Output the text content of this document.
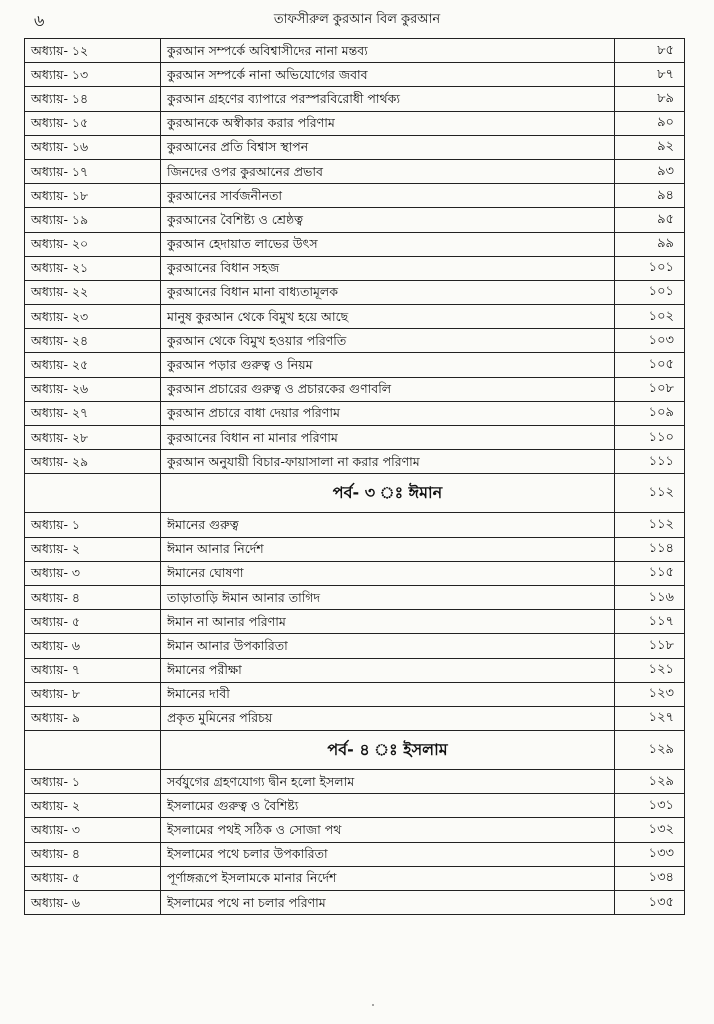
৬	তাফসীরুল কুরআন বিল কুরআন
অধ্যায়- ১২	কুরআন সম্পর্কে অবিশ্বাসীদের নানা মন্তব্য	৮৫
অধ্যায়- ১৩	কুরআন সম্পর্কে নানা অভিযোগের জবাব	৮৭
অধ্যায়- ১৪	কুরআন গ্রহণের ব্যাপারে পরস্পরবিরোধী পার্থক্য	৮৯
অধ্যায়- ১৫	কুরআনকে অস্বীকার করার পরিণাম	৯০
অধ্যায়- ১৬	কুরআনের প্রতি বিশ্বাস স্থাপন	৯২
অধ্যায়- ১৭	জিনদের ওপর কুরআনের প্রভাব	৯৩
অধ্যায়- ১৮	কুরআনের সার্বজনীনতা	৯৪
অধ্যায়- ১৯	কুরআনের বৈশিষ্ট্য ও শ্রেষ্ঠত্ব	৯৫
অধ্যায়- ২০	কুরআন হেদায়াত লাভের উৎস	৯৯
অধ্যায়- ২১	কুরআনের বিধান সহজ	১০১
অধ্যায়- ২২	কুরআনের বিধান মানা বাধ্যতামূলক	১০১
অধ্যায়- ২৩	মানুষ কুরআন থেকে বিমুখ হয়ে আছে	১০২
অধ্যায়- ২৪	কুরআন থেকে বিমুখ হওয়ার পরিণতি	১০৩
অধ্যায়- ২৫	কুরআন পড়ার গুরুত্ব ও নিয়ম	১০৫
অধ্যায়- ২৬	কুরআন প্রচারের গুরুত্ব ও প্রচারকের গুণাবলি	১০৮
অধ্যায়- ২৭	কুরআন প্রচারে বাধা দেয়ার পরিণাম	১০৯
অধ্যায়- ২৮	কুরআনের বিধান না মানার পরিণাম	১১০
অধ্যায়- ২৯	কুরআন অনুযায়ী বিচার-ফায়াসালা না করার পরিণাম	১১১
	পর্ব- ৩ ঃ ঈমান	১১২
অধ্যায়- ১	ঈমানের গুরুত্ব	১১২
অধ্যায়- ২	ঈমান আনার নির্দেশ	১১৪
অধ্যায়- ৩	ঈমানের ঘোষণা	১১৫
অধ্যায়- ৪	তাড়াতাড়ি ঈমান আনার তাগিদ	১১৬
অধ্যায়- ৫	ঈমান না আনার পরিণাম	১১৭
অধ্যায়- ৬	ঈমান আনার উপকারিতা	১১৮
অধ্যায়- ৭	ঈমানের পরীক্ষা	১২১
অধ্যায়- ৮	ঈমানের দাবী	১২৩
অধ্যায়- ৯	প্রকৃত মুমিনের পরিচয়	১২৭
	পর্ব- ৪ ঃ ইসলাম	১২৯
অধ্যায়- ১	সর্বযুগের গ্রহণযোগ্য দ্বীন হলো ইসলাম	১২৯
অধ্যায়- ২	ইসলামের গুরুত্ব ও বৈশিষ্ট্য	১৩১
অধ্যায়- ৩	ইসলামের পথই সঠিক ও সোজা পথ	১৩২
অধ্যায়- ৪	ইসলামের পথে চলার উপকারিতা	১৩৩
অধ্যায়- ৫	পূর্ণাঙ্গরূপে ইসলামকে মানার নির্দেশ	১৩৪
অধ্যায়- ৬	ইসলামের পথে না চলার পরিণাম	১৩৫
